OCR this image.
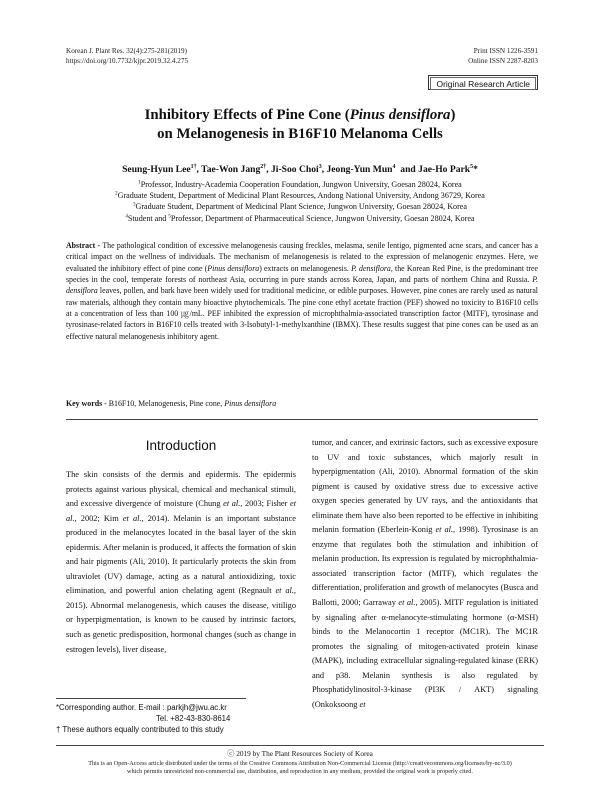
Korean J. Plant Res. 32(4):275-281(2019)
https://doi.org/10.7732/kjpr.2019.32.4.275
Print ISSN 1226-3591
Online ISSN 2287-8203
Original Research Article
Inhibitory Effects of Pine Cone (Pinus densiflora)
on Melanogenesis in B16F10 Melanoma Cells
Seung-Hyun Lee$^{1\dagger}$, Tae-Won Jang$^{2\dagger}$, Ji-Soo Choi$^3$, Jeong-Yun Mun$^4$  and Jae-Ho Park$^5$*
$^1$Professor, Industry-Academia Cooperation Foundation, Jungwon University, Goesan 28024, Korea
$^2$Graduate Student, Department of Medicinal Plant Resources, Andong National University, Andong 36729, Korea
$^3$Graduate Student, Department of Medicinal Plant Science, Jungwon University, Goesan 28024, Korea
$^4$Student and $^5$Professor, Department of Pharmaceutical Science, Jungwon University, Goesan 28024, Korea
Abstract - The pathological condition of excessive melanogenesis causing freckles, melasma, senile lentigo, pigmented acne scars, and cancer has a critical impact on the wellness of individuals. The mechanism of melanogenesis is related to the expression of melanogenic enzymes. Here, we evaluated the inhibitory effect of pine cone (Pinus densiflora) extracts on melanogenesis. P. densiflora, the Korean Red Pine, is the predominant tree species in the cool, temperate forests of northeast Asia, occurring in pure stands across Korea, Japan, and parts of northern China and Russia. P. densiflora leaves, pollen, and bark have been widely used for traditional medicine, or edible purposes. However, pine cones are rarely used as natural raw materials, although they contain many bioactive phytochemicals. The pine cone ethyl acetate fraction (PEF) showed no toxicity to B16F10 cells at a concentration of less than 100 ㎍/mL. PEF inhibited the expression of microphthalmia-associated transcription factor (MITF), tyrosinase and tyrosinase-related factors in B16F10 cells treated with 3-Isobutyl-1-methylxanthine (IBMX). These results suggest that pine cones can be used as an effective natural melanogenesis inhibitory agent.
Key words - B16F10, Melanogenesis, Pine cone, Pinus densiflora
Introduction
The skin consists of the dermis and epidermis. The epidermis protects against various physical, chemical and mechanical stimuli, and excessive divergence of moisture (Chung et al., 2003; Fisher et al., 2002; Kim et al., 2014). Melanin is an important substance produced in the melanocytes located in the basal layer of the skin epidermis. After melanin is produced, it affects the formation of skin and hair pigments (Ali, 2010). It particularly protects the skin from ultraviolet (UV) damage, acting as a natural antioxidizing, toxic elimination, and powerful anion chelating agent (Regnault et al., 2015). Abnormal melanogenesis, which causes the disease, vitiligo or hyperpigmentation, is known to be caused by intrinsic factors, such as genetic predisposition, hormonal changes (such as change in estrogen levels), liver disease,
tumor, and cancer, and extrinsic factors, such as excessive exposure to UV and toxic substances, which majorly result in hyperpigmentation (Ali, 2010). Abnormal formation of the skin pigment is caused by oxidative stress due to excessive active oxygen species generated by UV rays, and the antioxidants that eliminate them have also been reported to be effective in inhibiting melanin formation (Eberlein-Konig et al., 1998). Tyrosinase is an enzyme that regulates both the stimulation and inhibition of melanin production. Its expression is regulated by microphthalmia-associated transcription factor (MITF), which regulates the differentiation, proliferation and growth of melanocytes (Busca and Ballotti, 2000; Garraway et al., 2005). MITF regulation is initiated by signaling after α-melanocyte-stimulating hormone (α-MSH) binds to the Melanocortin 1 receptor (MC1R). The MC1R promotes the signaling of mitogen-activated protein kinase (MAPK), including extracellular signaling-regulated kinase (ERK) and p38. Melanin synthesis is also regulated by Phosphatidylinositol-3-kinase (PI3K / AKT) signaling (Onkoksoong et
*Corresponding author. E-mail : parkjh@jwu.ac.kr
Tel. +82-43-830-8614
† These authors equally contributed to this study
ⓒ 2019 by The Plant Resources Society of Korea
This is an Open-Access article distributed under the terms of the Creative Commons Attribution Non-Commercial License (http://creativecommons.org/licenses/by-nc/3.0)
which permits unrestricted non-commercial use, distribution, and reproduction in any medium, provided the original work is properly cited.
